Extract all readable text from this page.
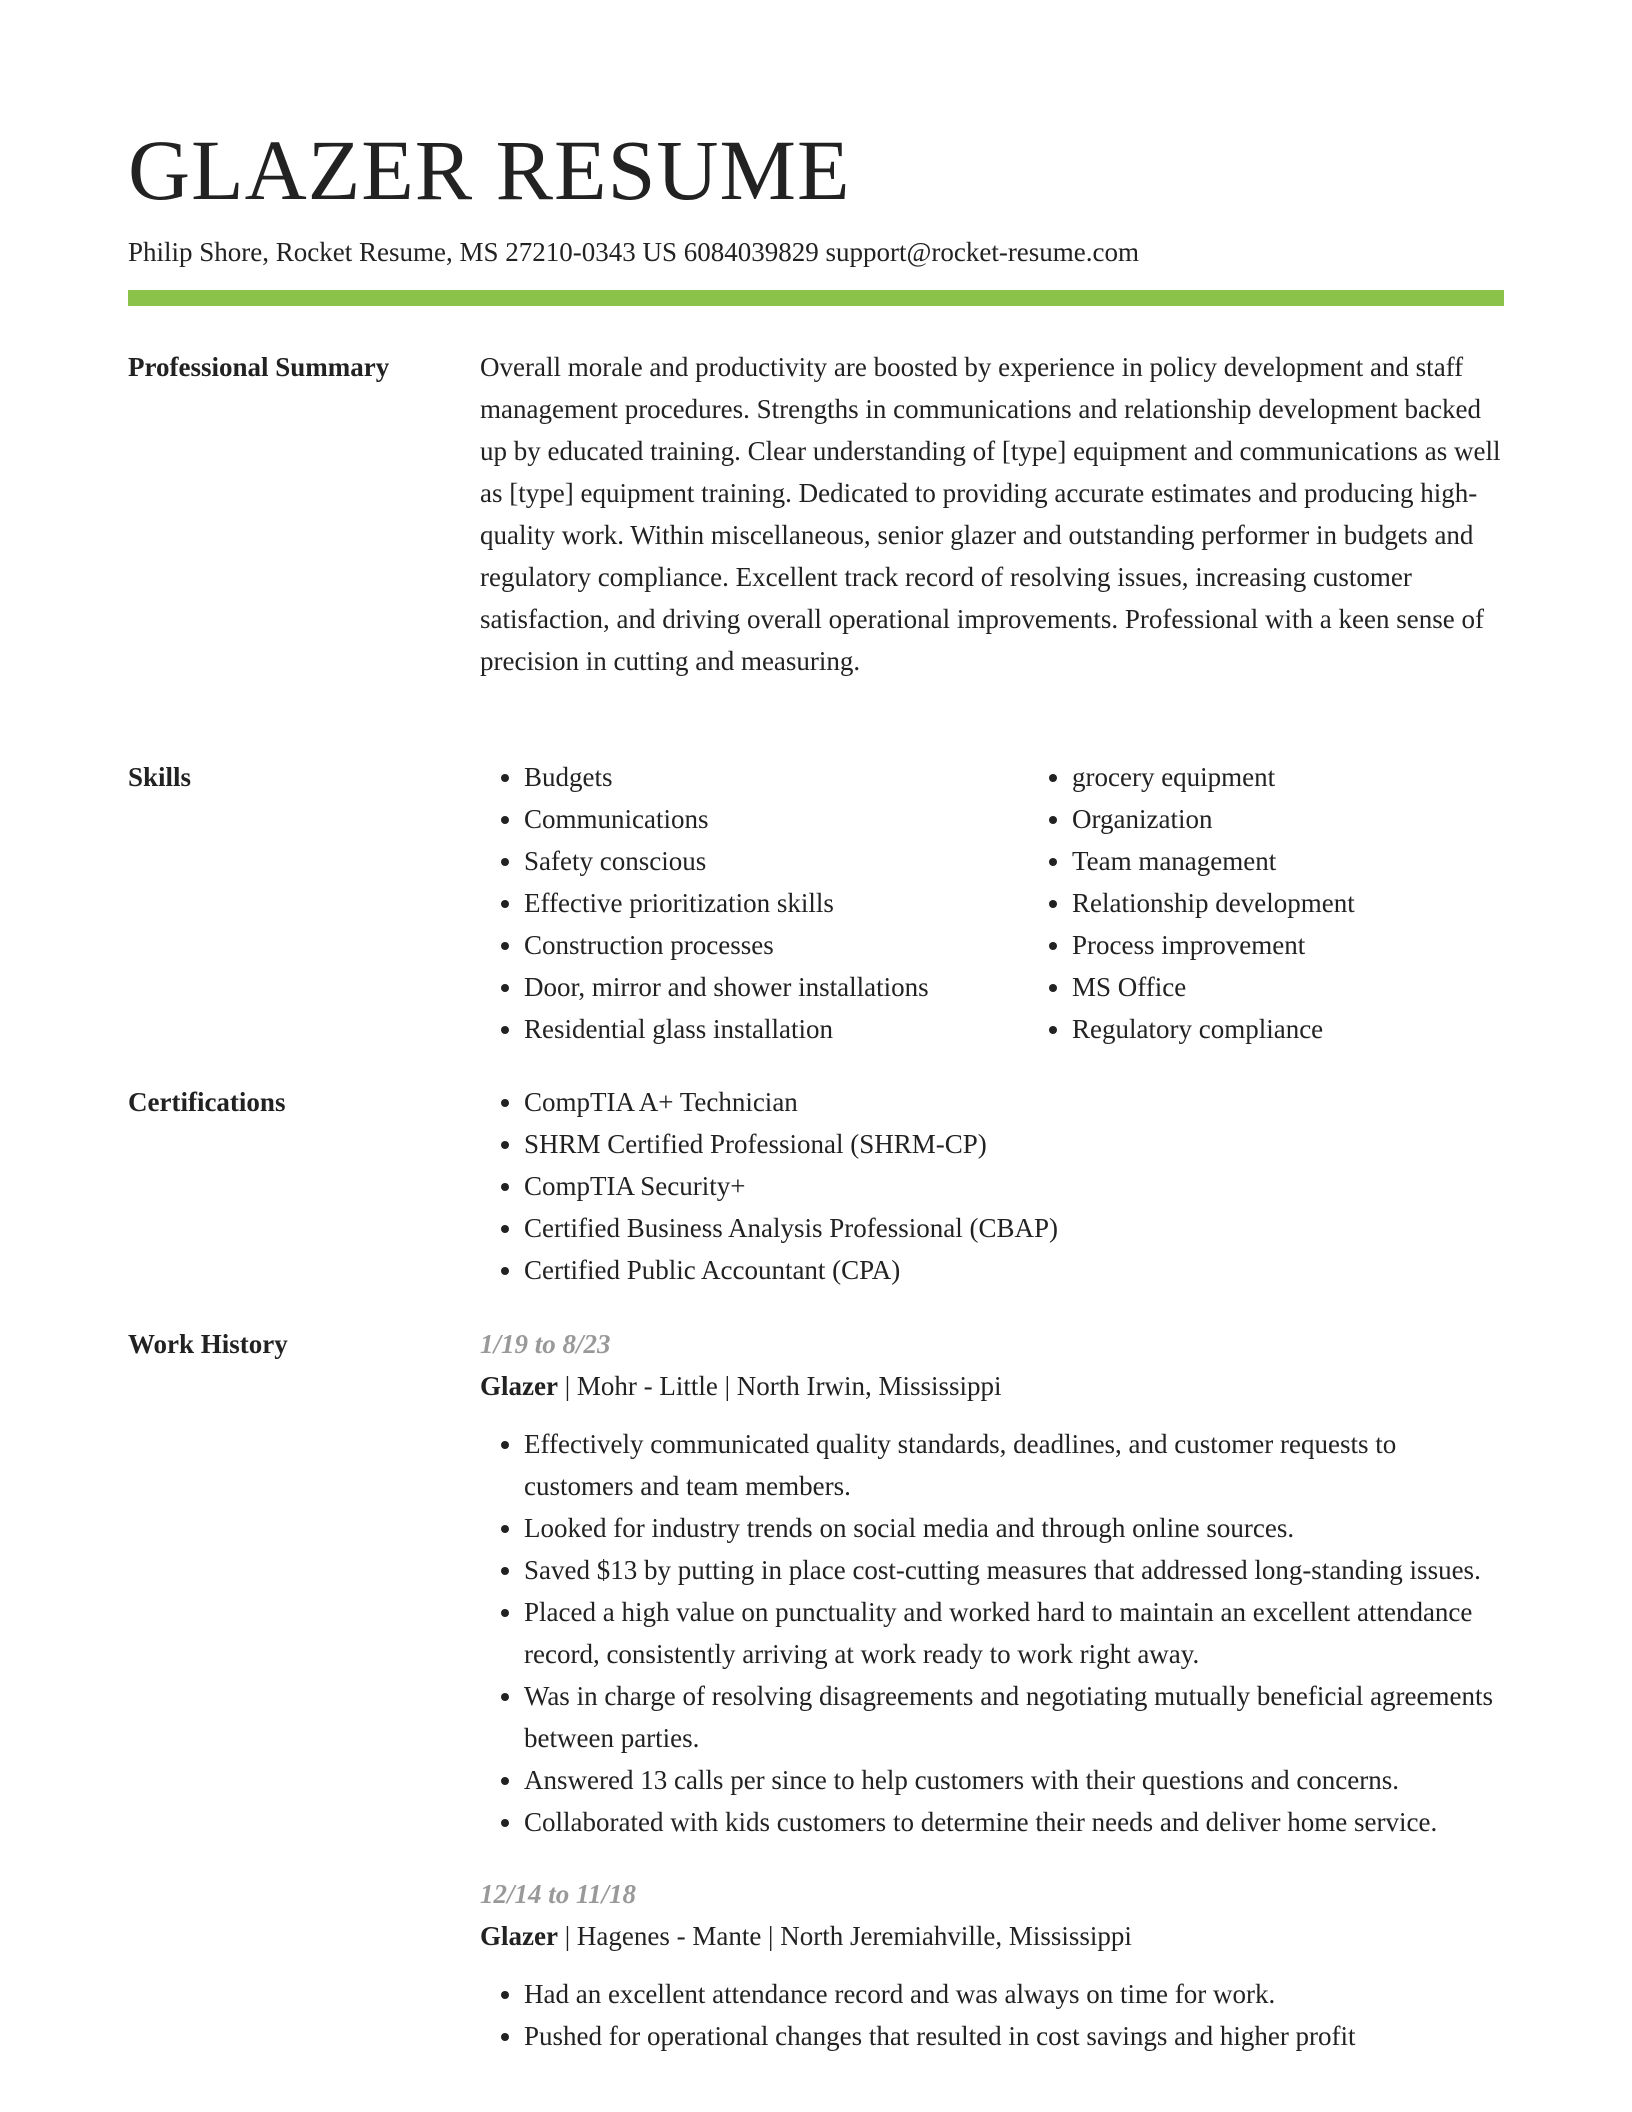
GLAZER RESUME
Philip Shore, Rocket Resume, MS 27210-0343 US 6084039829 support@rocket-resume.com
Professional Summary	Overall morale and productivity are boosted by experience in policy development and staff management procedures. Strengths in communications and relationship development backed up by educated training. Clear understanding of [type] equipment and communications as well as [type] equipment training. Dedicated to providing accurate estimates and producing high-quality work. Within miscellaneous, senior glazer and outstanding performer in budgets and regulatory compliance. Excellent track record of resolving issues, increasing customer satisfaction, and driving overall operational improvements. Professional with a keen sense of precision in cutting and measuring.

Skills	• Budgets
• Communications
• Safety conscious
• Effective prioritization skills
• Construction processes
• Door, mirror and shower installations
• Residential glass installation
• grocery equipment
• Organization
• Team management
• Relationship development
• Process improvement
• MS Office
• Regulatory compliance
Certifications	• CompTIA A+ Technician
• SHRM Certified Professional (SHRM-CP)
• CompTIA Security+
• Certified Business Analysis Professional (CBAP)
• Certified Public Accountant (CPA)
Work History	1/19 to 8/23
Glazer | Mohr - Little | North Irwin, Mississippi
• Effectively communicated quality standards, deadlines, and customer requests to customers and team members.
• Looked for industry trends on social media and through online sources.
• Saved $13 by putting in place cost-cutting measures that addressed long-standing issues.
• Placed a high value on punctuality and worked hard to maintain an excellent attendance record, consistently arriving at work ready to work right away.
• Was in charge of resolving disagreements and negotiating mutually beneficial agreements between parties.
• Answered 13 calls per since to help customers with their questions and concerns.
• Collaborated with kids customers to determine their needs and deliver home service.
12/14 to 11/18
Glazer | Hagenes - Mante | North Jeremiahville, Mississippi
• Had an excellent attendance record and was always on time for work.
• Pushed for operational changes that resulted in cost savings and higher profit
